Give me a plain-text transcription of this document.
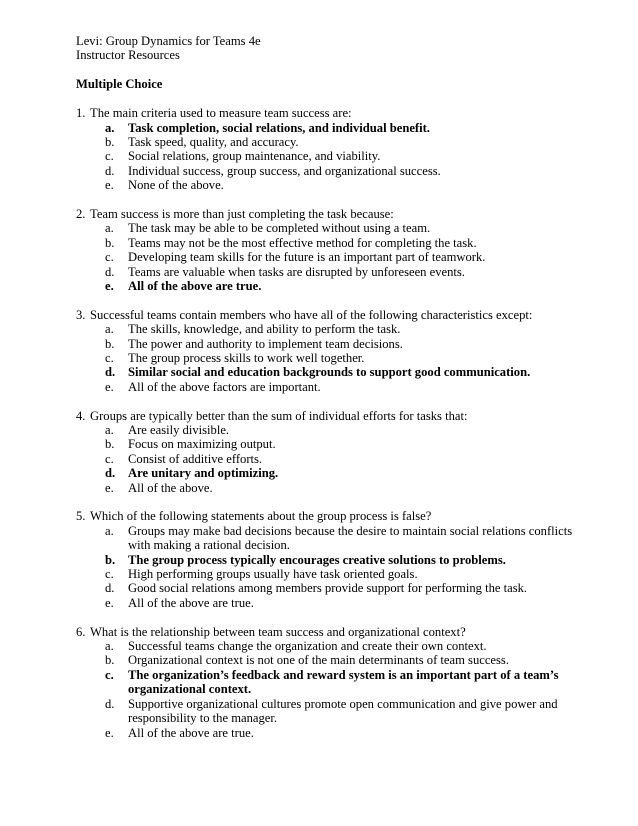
Levi: Group Dynamics for Teams 4e
Instructor Resources
Multiple Choice
1. The main criteria used to measure team success are:
a.	Task completion, social relations, and individual benefit.
b.	Task speed, quality, and accuracy.
c.	Social relations, group maintenance, and viability.
d.	Individual success, group success, and organizational success.
e.	None of the above.
2. Team success is more than just completing the task because:
a.	The task may be able to be completed without using a team.
b.	Teams may not be the most effective method for completing the task.
c.	Developing team skills for the future is an important part of teamwork.
d.	Teams are valuable when tasks are disrupted by unforeseen events.
e.	All of the above are true.
3. Successful teams contain members who have all of the following characteristics except:
a.	The skills, knowledge, and ability to perform the task.
b.	The power and authority to implement team decisions.
c.	The group process skills to work well together.
d.	Similar social and education backgrounds to support good communication.
e.	All of the above factors are important.
4. Groups are typically better than the sum of individual efforts for tasks that:
a.	Are easily divisible.
b.	Focus on maximizing output.
c.	Consist of additive efforts.
d.	Are unitary and optimizing.
e.	All of the above.
5. Which of the following statements about the group process is false?
a.	Groups may make bad decisions because the desire to maintain social relations conflicts with making a rational decision.
b.	The group process typically encourages creative solutions to problems.
c.	High performing groups usually have task oriented goals.
d.	Good social relations among members provide support for performing the task.
e.	All of the above are true.
6. What is the relationship between team success and organizational context?
a.	Successful teams change the organization and create their own context.
b.	Organizational context is not one of the main determinants of team success.
c.	The organization’s feedback and reward system is an important part of a team’s organizational context.
d.	Supportive organizational cultures promote open communication and give power and responsibility to the manager.
e.	All of the above are true.
